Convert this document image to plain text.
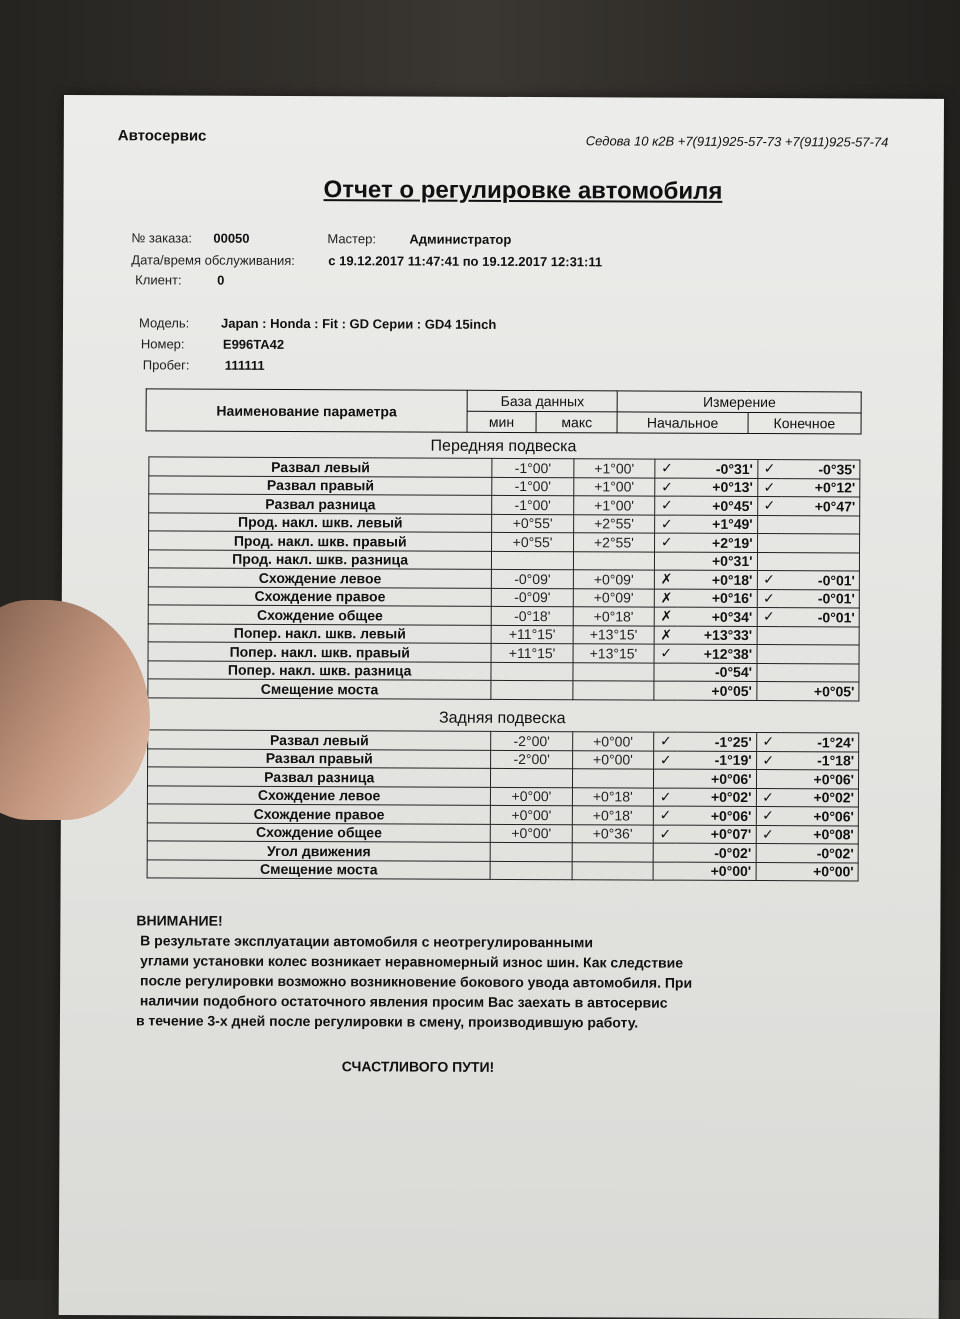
Автосервис	Седова 10 к2В +7(911)925-57-73 +7(911)925-57-74
Отчет о регулировке автомобиля
№ заказа: 00050	Мастер:	Администратор
Дата/время обслуживания:	с 19.12.2017 11:47:41 по 19.12.2017 12:31:11
Клиент:	0
Модель: Japan : Honda : Fit : GD Серии : GD4 15inch
Номер:	E996TA42
Пробег:	111111
Наименование параметра	База данных		Измерение	
	мин	макс	Начальное	Конечное
Передняя подвеска
Развал левый	-1°00'	+1°00'	✓	-0°31'	✓	-0°35'
Развал правый	-1°00'	+1°00'	✓	+0°13'	✓	+0°12'
Развал разница	-1°00'	+1°00'	✓	+0°45'	✓	+0°47'
Прод. накл. шкв. левый	+0°55'	+2°55'	✓	+1°49'		
Прод. накл. шкв. правый	+0°55'	+2°55'	✓	+2°19'		
Прод. накл. шкв. разница				+0°31'		
Схождение левое	-0°09'	+0°09'	✗	+0°18'	✓	-0°01'
Схождение правое	-0°09'	+0°09'	✗	+0°16'	✓	-0°01'
Схождение общее	-0°18'	+0°18'	✗	+0°34'	✓	-0°01'
Попер. накл. шкв. левый	+11°15'	+13°15'	✗	+13°33'		
Попер. накл. шкв. правый	+11°15'	+13°15'	✓	+12°38'		
Попер. накл. шкв. разница				-0°54'		
Смещение моста				+0°05'		+0°05'
Задняя подвеска
Развал левый	-2°00'	+0°00'	✓	-1°25'	✓	-1°24'
Развал правый	-2°00'	+0°00'	✓	-1°19'	✓	-1°18'
Развал разница				+0°06'		+0°06'
Схождение левое	+0°00'	+0°18'	✓	+0°02'	✓	+0°02'
Схождение правое	+0°00'	+0°18'	✓	+0°06'	✓	+0°06'
Схождение общее	+0°00'	+0°36'	✓	+0°07'	✓	+0°08'
Угол движения				-0°02'		-0°02'
Смещение моста				+0°00'		+0°00'
ВНИМАНИЕ!
В результате эксплуатации автомобиля с неотрегулированными
углами установки колес возникает неравномерный износ шин. Как следствие
после регулировки возможно возникновение бокового увода автомобиля. При
наличии подобного остаточного явления просим Вас заехать в автосервис
в течение 3-х дней после регулировки в смену, производившую работу.
СЧАСТЛИВОГО ПУТИ!
